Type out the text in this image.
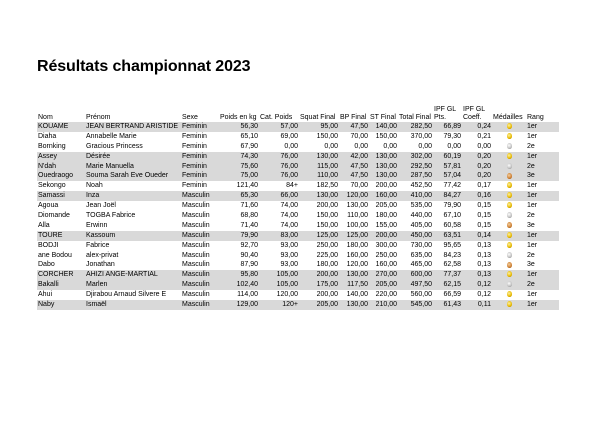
Résultats championnat 2023
Nom	Prénom	Sexe	Poids en kg	Cat. Poids	Squat Final	BP Final	ST Final	Total Final	IPF GL Pts.	IPF GL Coeff.	Médailles	Rang
KOUAME	JEAN BERTRAND ARISTIDE	Feminin	56,30	57,00	95,00	47,50	140,00	282,50	66,89	0,24		1er
Diaha	Annabelle Marie	Feminin	65,10	69,00	150,00	70,00	150,00	370,00	79,30	0,21		1er
Bornking	Gracious Princess	Feminin	67,90	0,00	0,00	0,00	0,00	0,00	0,00	0,00		2e
Assey	Désirée	Feminin	74,30	76,00	130,00	42,00	130,00	302,00	60,19	0,20		1er
N'dah	Marie Manuella	Feminin	75,60	76,00	115,00	47,50	130,00	292,50	57,81	0,20		2e
Ouedraogo	Souma Sarah Eve Oueder	Feminin	75,00	76,00	110,00	47,50	130,00	287,50	57,04	0,20		3e
Sekongo	Noah	Feminin	121,40	84+	182,50	70,00	200,00	452,50	77,42	0,17		1er
Samassi	Inza	Masculin	65,30	66,00	130,00	120,00	160,00	410,00	84,27	0,16		1er
Agoua	Jean Joël	Masculin	71,60	74,00	200,00	130,00	205,00	535,00	79,90	0,15		1er
Diomande	TOGBA Fabrice	Masculin	68,80	74,00	150,00	110,00	180,00	440,00	67,10	0,15		2e
Alla	Erwinn	Masculin	71,40	74,00	150,00	100,00	155,00	405,00	60,58	0,15		3e
TOURE	Kassoum	Masculin	79,90	83,00	125,00	125,00	200,00	450,00	63,51	0,14		1er
BODJI	Fabrice	Masculin	92,70	93,00	250,00	180,00	300,00	730,00	95,65	0,13		1er
ane Bodou	alex-privat	Masculin	90,40	93,00	225,00	160,00	250,00	635,00	84,23	0,13		2e
Dabo	Jonathan	Masculin	87,90	93,00	180,00	120,00	160,00	465,00	62,58	0,13		3e
CORCHER	AHIZI ANGE-MARTIAL	Masculin	95,80	105,00	200,00	130,00	270,00	600,00	77,37	0,13		1er
Bakalli	Marlen	Masculin	102,40	105,00	175,00	117,50	205,00	497,50	62,15	0,12		2e
Ahui	Djirabou Arnaud Silvere E	Masculin	114,00	120,00	200,00	140,00	220,00	560,00	66,59	0,12		1er
Naby	Ismaël	Masculin	129,00	120+	205,00	130,00	210,00	545,00	61,43	0,11		1er
